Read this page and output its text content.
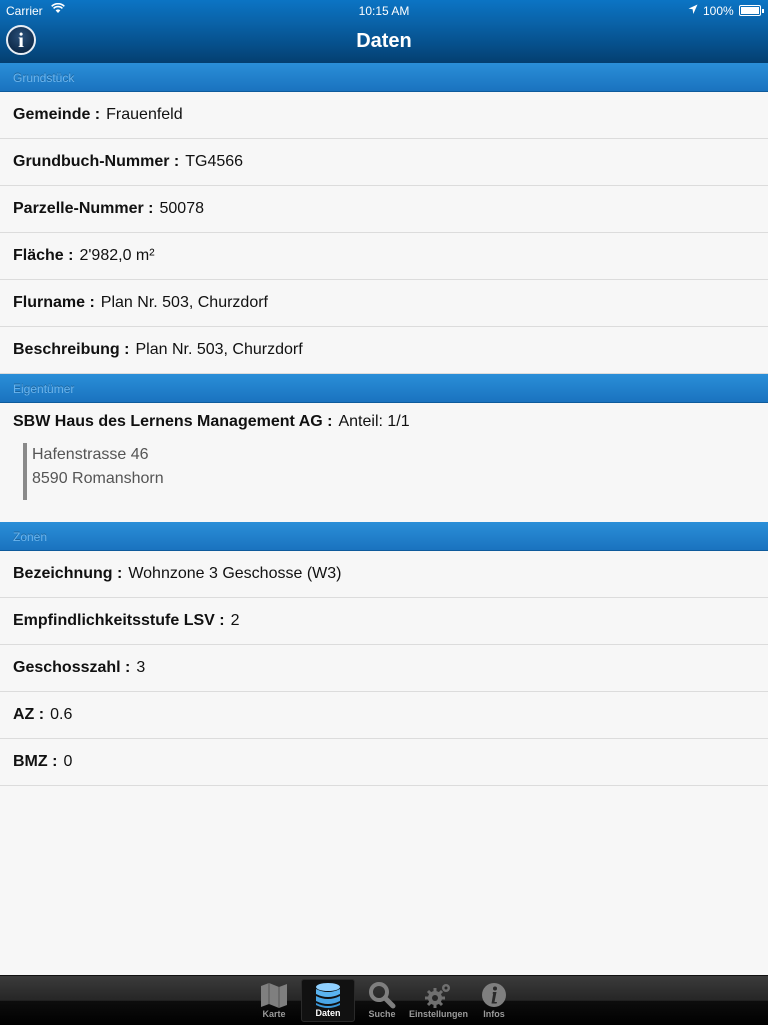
Carrier	10:15 AM	100%
Daten
i
Grundstück
Gemeinde : Frauenfeld
Grundbuch-Nummer : TG4566
Parzelle-Nummer : 50078
Fläche : 2'982,0 m²
Flurname : Plan Nr. 503, Churzdorf
Beschreibung : Plan Nr. 503, Churzdorf
Eigentümer
SBW Haus des Lernens Management AG : Anteil: 1/1
Hafenstrasse 46
8590 Romanshorn
Zonen
Bezeichnung : Wohnzone 3 Geschosse (W3)
Empfindlichkeitsstufe LSV : 2
Geschosszahl : 3
AZ : 0.6
BMZ : 0
Karte	Daten	Suche	Einstellungen	Infos
